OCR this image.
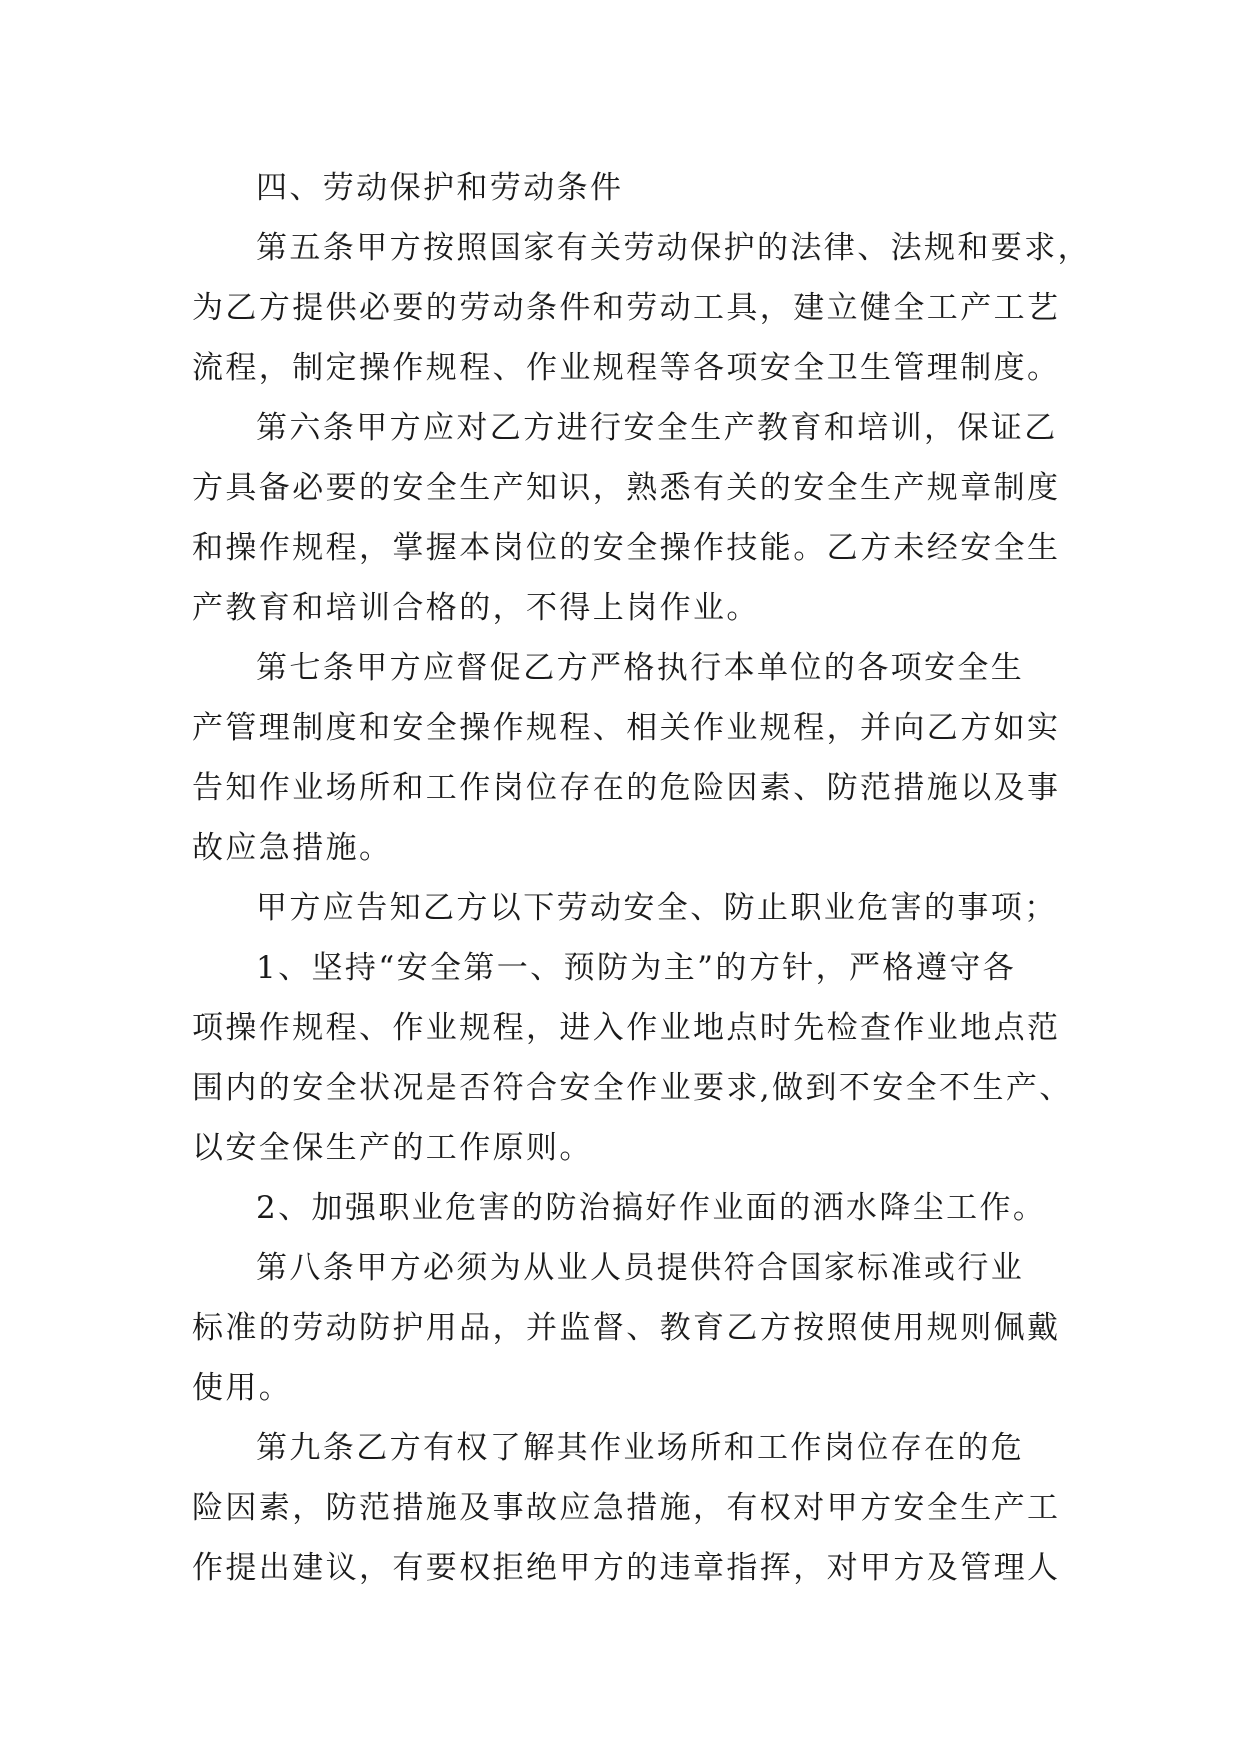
四、劳动保护和劳动条件
第五条甲方按照国家有关劳动保护的法律、法规和要求，
为乙方提供必要的劳动条件和劳动工具，建立健全工产工艺
流程，制定操作规程、作业规程等各项安全卫生管理制度。
第六条甲方应对乙方进行安全生产教育和培训，保证乙
方具备必要的安全生产知识，熟悉有关的安全生产规章制度
和操作规程，掌握本岗位的安全操作技能。乙方未经安全生
产教育和培训合格的，不得上岗作业。
第七条甲方应督促乙方严格执行本单位的各项安全生
产管理制度和安全操作规程、相关作业规程，并向乙方如实
告知作业场所和工作岗位存在的危险因素、防范措施以及事
故应急措施。
甲方应告知乙方以下劳动安全、防止职业危害的事项；
1、坚持“安全第一、预防为主”的方针，严格遵守各
项操作规程、作业规程，进入作业地点时先检查作业地点范
围内的安全状况是否符合安全作业要求,做到不安全不生产、
以安全保生产的工作原则。
2、加强职业危害的防治搞好作业面的洒水降尘工作。
第八条甲方必须为从业人员提供符合国家标准或行业
标准的劳动防护用品，并监督、教育乙方按照使用规则佩戴
使用。
第九条乙方有权了解其作业场所和工作岗位存在的危
险因素，防范措施及事故应急措施，有权对甲方安全生产工
作提出建议，有要权拒绝甲方的违章指挥，对甲方及管理人
